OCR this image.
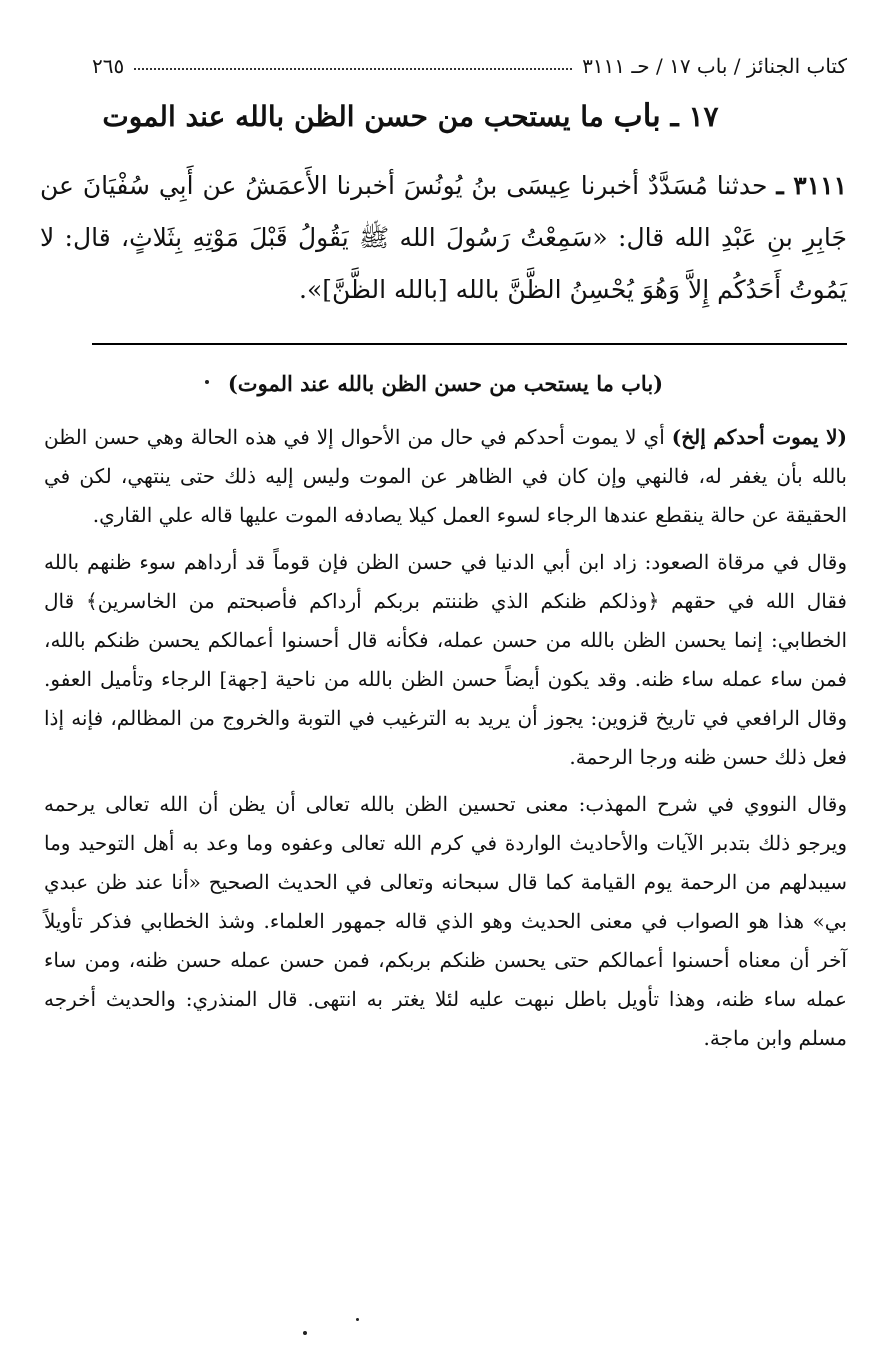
كتاب الجنائز / باب ١٧ / حـ ٣١١١
٢٦٥
١٧ ـ باب ما يستحب من حسن الظن بالله عند الموت
٣١١١ ـ حدثنا مُسَدَّدٌ أخبرنا عِيسَى بنُ يُونُسَ أخبرنا الأَعمَشُ عن أَبِي سُفْيَانَ عن جَابِرِ بنِ عَبْدِ الله قال: «سَمِعْتُ رَسُولَ الله ﷺ يَقُولُ قَبْلَ مَوْتِهِ بِثَلاثٍ، قال: لا يَمُوتُ أَحَدُكُم إِلاَّ وَهُوَ يُحْسِنُ الظَّنَّ بالله [بالله الظَّنَّ]».
(باب ما يستحب من حسن الظن بالله عند الموت)

(لا يموت أحدكم إلخ) أي لا يموت أحدكم في حال من الأحوال إلا في هذه الحالة وهي حسن الظن بالله بأن يغفر له، فالنهي وإن كان في الظاهر عن الموت وليس إليه ذلك حتى ينتهي، لكن في الحقيقة عن حالة ينقطع عندها الرجاء لسوء العمل كيلا يصادفه الموت عليها قاله علي القاري.

وقال في مرقاة الصعود: زاد ابن أبي الدنيا في حسن الظن فإن قوماً قد أرداهم سوء ظنهم بالله فقال الله في حقهم ﴿وذلكم ظنكم الذي ظننتم بربكم أرداكم فأصبحتم من الخاسرين﴾ قال الخطابي: إنما يحسن الظن بالله من حسن عمله، فكأنه قال أحسنوا أعمالكم يحسن ظنكم بالله، فمن ساء عمله ساء ظنه. وقد يكون أيضاً حسن الظن بالله من ناحية [جهة] الرجاء وتأميل العفو. وقال الرافعي في تاريخ قزوين: يجوز أن يريد به الترغيب في التوبة والخروج من المظالم، فإنه إذا فعل ذلك حسن ظنه ورجا الرحمة.

وقال النووي في شرح المهذب: معنى تحسين الظن بالله تعالى أن يظن أن الله تعالى يرحمه ويرجو ذلك بتدبر الآيات والأحاديث الواردة في كرم الله تعالى وعفوه وما وعد به أهل التوحيد وما سيبدلهم من الرحمة يوم القيامة كما قال سبحانه وتعالى في الحديث الصحيح «أنا عند ظن عبدي بي» هذا هو الصواب في معنى الحديث وهو الذي قاله جمهور العلماء. وشذ الخطابي فذكر تأويلاً آخر أن معناه أحسنوا أعمالكم حتى يحسن ظنكم بربكم، فمن حسن عمله حسن ظنه، ومن ساء عمله ساء ظنه، وهذا تأويل باطل نبهت عليه لئلا يغتر به انتهى. قال المنذري: والحديث أخرجه مسلم وابن ماجة.
